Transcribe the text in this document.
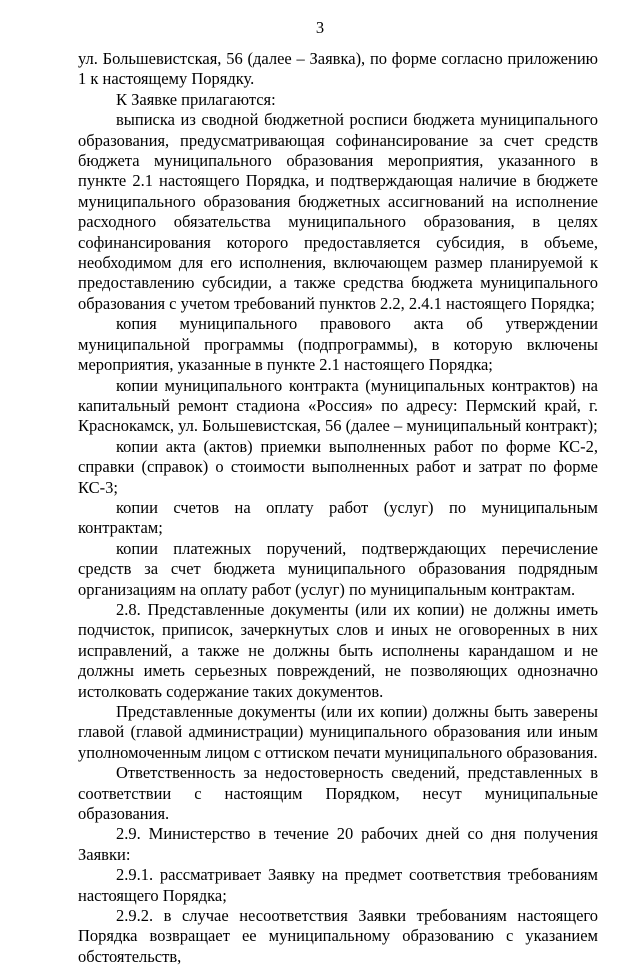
3

ул. Большевистская, 56 (далее – Заявка), по форме согласно приложению 1 к настоящему Порядку.

К Заявке прилагаются:

выписка из сводной бюджетной росписи бюджета муниципального образования, предусматривающая софинансирование за счет средств бюджета муниципального образования мероприятия, указанного в пункте 2.1 настоящего Порядка, и подтверждающая наличие в бюджете муниципального образования бюджетных ассигнований на исполнение расходного обязательства муниципального образования, в целях софинансирования которого предоставляется субсидия, в объеме, необходимом для его исполнения, включающем размер планируемой к предоставлению субсидии, а также средства бюджета муниципального образования с учетом требований пунктов 2.2, 2.4.1 настоящего Порядка;

копия муниципального правового акта об утверждении муниципальной программы (подпрограммы), в которую включены мероприятия, указанные в пункте 2.1 настоящего Порядка;

копии муниципального контракта (муниципальных контрактов) на капитальный ремонт стадиона «Россия» по адресу: Пермский край, г. Краснокамск, ул. Большевистская, 56 (далее – муниципальный контракт);

копии акта (актов) приемки выполненных работ по форме КС-2, справки (справок) о стоимости выполненных работ и затрат по форме КС-3;

копии счетов на оплату работ (услуг) по муниципальным контрактам;

копии платежных поручений, подтверждающих перечисление средств за счет бюджета муниципального образования подрядным организациям на оплату работ (услуг) по муниципальным контрактам.

2.8. Представленные документы (или их копии) не должны иметь подчисток, приписок, зачеркнутых слов и иных не оговоренных в них исправлений, а также не должны быть исполнены карандашом и не должны иметь серьезных повреждений, не позволяющих однозначно истолковать содержание таких документов.

Представленные документы (или их копии) должны быть заверены главой (главой администрации) муниципального образования или иным уполномоченным лицом с оттиском печати муниципального образования.

Ответственность за недостоверность сведений, представленных в соответствии с настоящим Порядком, несут муниципальные образования.

2.9. Министерство в течение 20 рабочих дней со дня получения Заявки:

2.9.1. рассматривает Заявку на предмет соответствия требованиям настоящего Порядка;

2.9.2. в случае несоответствия Заявки требованиям настоящего Порядка возвращает ее муниципальному образованию с указанием обстоятельств,
